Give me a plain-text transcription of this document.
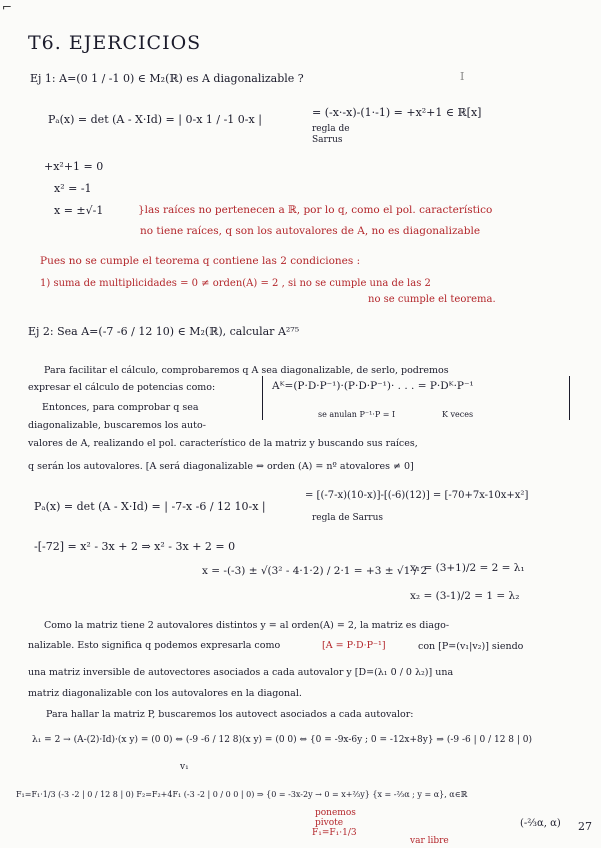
⌐
T6. EJERCICIOS
Ej 1: A=(0 1 / -1 0) ∈ M₂(ℝ) es A diagonalizable ?	I
Pₐ(x) = det (A - X·Id) = | 0-x 1 / -1 0-x |
= (-x·-x)-(1·-1) = +x²+1 ∈ ℝ[x]
regla de Sarrus
+x²+1 = 0
x² = -1
x = ±√-1	}las raíces no pertenecen a ℝ, por lo q, como el pol. característico
no tiene raíces, q son los autovalores de A, no es diagonalizable
Pues no se cumple el teorema q contiene las 2 condiciones :
1) suma de multiplicidades = 0 ≠ orden(A) = 2 , si no se cumple una de las 2
no se cumple el teorema.
Ej 2: Sea A=(-7 -6 / 12 10) ∈ M₂(ℝ), calcular A²⁷⁵
Para facilitar el cálculo, comprobaremos q A sea diagonalizable, de serlo, podremos
expresar el cálculo de potencias como:	Aᴷ=(P·D·P⁻¹)·(P·D·P⁻¹)· . . . = P·Dᴷ·P⁻¹
se anulan P⁻¹·P = I	K veces
Entonces, para comprobar q sea
diagonalizable, buscaremos los auto-
valores de A, realizando el pol. característico de la matriz y buscando sus raíces,
q serán los autovalores. [A será diagonalizable ⇔ orden (A) = nº atovalores ≠ 0]
Pₐ(x) = det (A - X·Id) = | -7-x -6 / 12 10-x |
= [(-7-x)(10-x)]-[(-6)(12)] = [-70+7x-10x+x²]
regla de Sarrus
-[-72] = x² - 3x + 2 ⇒ x² - 3x + 2 = 0
x = -(-3) ± √(3² - 4·1·2) / 2·1 = +3 ± √1 / 2
x₁ = (3+1)/2 = 2 = λ₁
x₂ = (3-1)/2 = 1 = λ₂
Como la matriz tiene 2 autovalores distintos y = al orden(A) = 2, la matriz es diago-
nalizable. Esto significa q podemos expresarla como	[A = P·D·P⁻¹]	con [P=(v₁|v₂)] siendo
una matriz inversible de autovectores asociados a cada autovalor y [D=(λ₁ 0 / 0 λ₂)] una
matriz diagonalizable con los autovalores en la diagonal.
Para hallar la matriz P, buscaremos los autovect asociados a cada autovalor:
λ₁ = 2 → (A-(2)·Id)·(x y) = (0 0) ⇔ (-9 -6 / 12 8)(x y) = (0 0) ⇔ {0 = -9x-6y ; 0 = -12x+8y} ⇒ (-9 -6 | 0 / 12 8 | 0)
v₁
F₁=F₁·1/3 (-3 -2 | 0 / 12 8 | 0) F₂=F₂+4F₁ (-3 -2 | 0 / 0 0 | 0) ⇒ {0 = -3x-2y → 0 = x+⅔y} {x = -⅔α ; y = α}, α∈ℝ
ponemos pivote
F₁=F₁·1/3
var libre
(-⅔α, α) 27
